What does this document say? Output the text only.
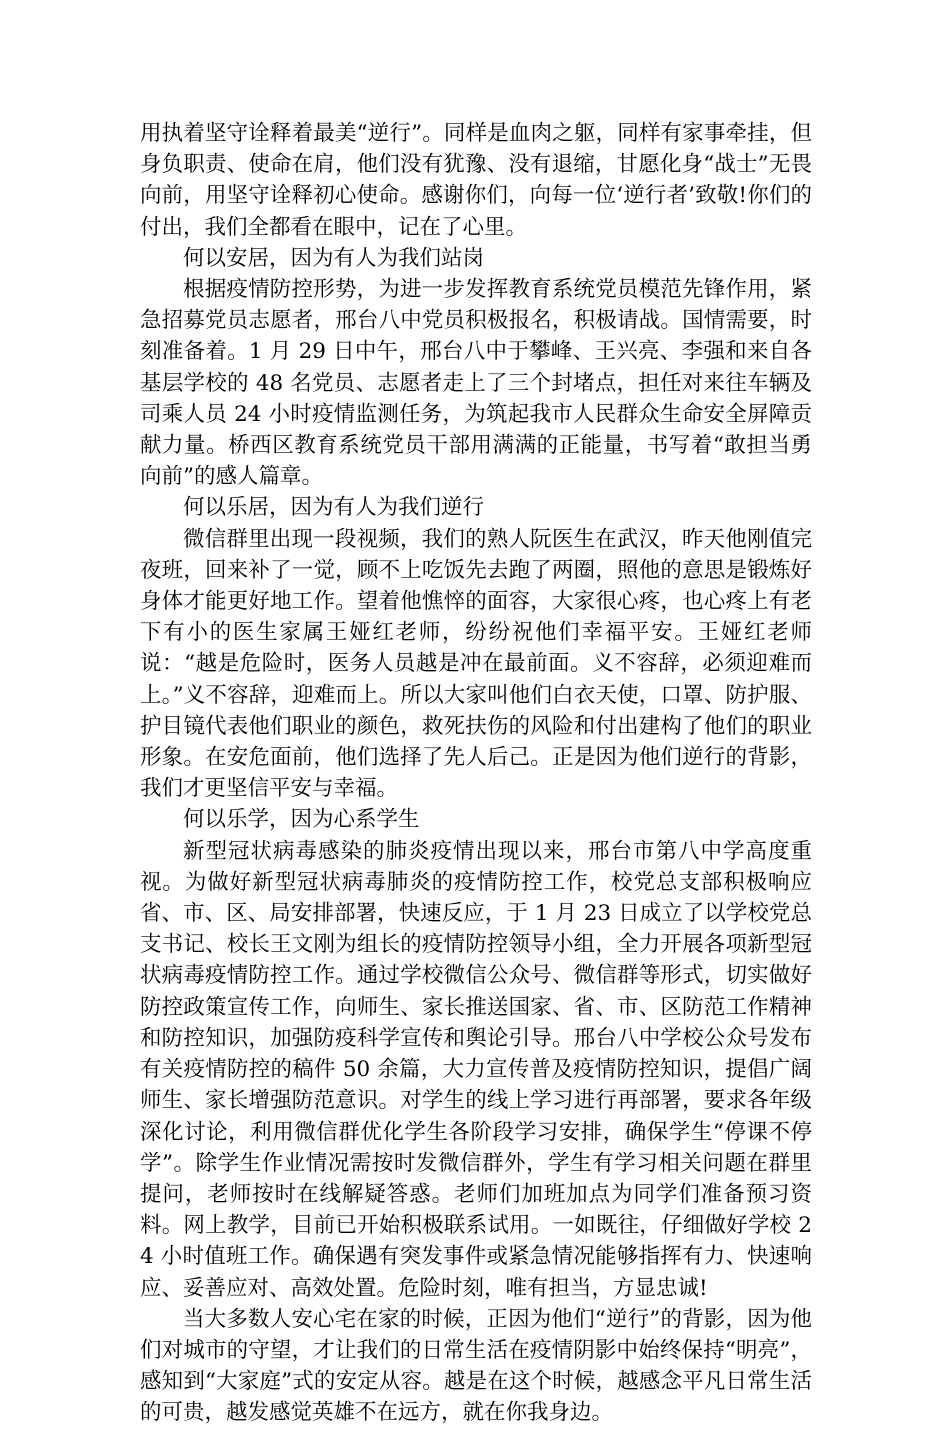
用执着坚守诠释着最美“逆行”。同样是血肉之躯，同样有家事牵挂，但身负职责、使命在肩，他们没有犹豫、没有退缩，甘愿化身“战士”无畏向前，用坚守诠释初心使命。感谢你们，向每一位‘逆行者’致敬!你们的付出，我们全都看在眼中，记在了心里。

何以安居，因为有人为我们站岗

根据疫情防控形势，为进一步发挥教育系统党员模范先锋作用，紧急招募党员志愿者，邢台八中党员积极报名，积极请战。国情需要，时刻准备着。1 月 29 日中午，邢台八中于攀峰、王兴亮、李强和来自各基层学校的 48 名党员、志愿者走上了三个封堵点，担任对来往车辆及司乘人员 24 小时疫情监测任务，为筑起我市人民群众生命安全屏障贡献力量。桥西区教育系统党员干部用满满的正能量，书写着“敢担当勇向前”的感人篇章。

何以乐居，因为有人为我们逆行

微信群里出现一段视频，我们的熟人阮医生在武汉，昨天他刚值完夜班，回来补了一觉，顾不上吃饭先去跑了两圈，照他的意思是锻炼好身体才能更好地工作。望着他憔悴的面容，大家很心疼，也心疼上有老下有小的医生家属王娅红老师，纷纷祝他们幸福平安。王娅红老师说：“越是危险时，医务人员越是冲在最前面。义不容辞，必须迎难而上。”义不容辞，迎难而上。所以大家叫他们白衣天使，口罩、防护服、护目镜代表他们职业的颜色，救死扶伤的风险和付出建构了他们的职业形象。在安危面前，他们选择了先人后己。正是因为他们逆行的背影，我们才更坚信平安与幸福。

何以乐学，因为心系学生

新型冠状病毒感染的肺炎疫情出现以来，邢台市第八中学高度重视。为做好新型冠状病毒肺炎的疫情防控工作，校党总支部积极响应省、市、区、局安排部署，快速反应，于 1 月 23 日成立了以学校党总支书记、校长王文刚为组长的疫情防控领导小组，全力开展各项新型冠状病毒疫情防控工作。通过学校微信公众号、微信群等形式，切实做好防控政策宣传工作，向师生、家长推送国家、省、市、区防范工作精神和防控知识，加强防疫科学宣传和舆论引导。邢台八中学校公众号发布有关疫情防控的稿件 50 余篇，大力宣传普及疫情防控知识，提倡广阔师生、家长增强防范意识。对学生的线上学习进行再部署，要求各年级深化讨论，利用微信群优化学生各阶段学习安排，确保学生“停课不停学”。除学生作业情况需按时发微信群外，学生有学习相关问题在群里提问，老师按时在线解疑答惑。老师们加班加点为同学们准备预习资料。网上教学，目前已开始积极联系试用。一如既往，仔细做好学校 24 小时值班工作。确保遇有突发事件或紧急情况能够指挥有力、快速响应、妥善应对、高效处置。危险时刻，唯有担当，方显忠诚!

当大多数人安心宅在家的时候，正因为他们“逆行”的背影，因为他们对城市的守望，才让我们的日常生活在疫情阴影中始终保持“明亮”，感知到“大家庭”式的安定从容。越是在这个时候，越感念平凡日常生活的可贵，越发感觉英雄不在远方，就在你我身边。
